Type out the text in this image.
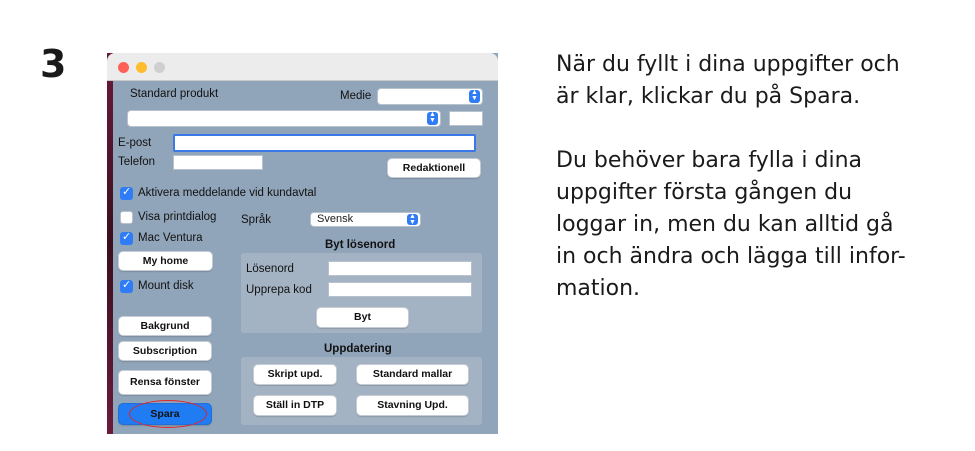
3
Standard produkt	Medie	▲
▼
▲
▼
E-post
Telefon	Redaktionell
✓
Aktivera meddelande vid kundavtal
Visa printdialog Språk	Svensk	▲
▼
✓
Mac Ventura
Byt lösenord
My home
Lösenord
Upprepa kod
Byt
✓
Mount disk
Bakgrund
Subscription
Rensa fönster
Spara
Uppdatering
Skript upd.	Standard mallar
Ställ in DTP	Stavning Upd.
När du fyllt i dina uppgifter och
är klar, klickar du på Spara.
Du behöver bara fylla i dina
uppgifter första gången du
loggar in, men du kan alltid gå
in och ändra och lägga till infor-
mation.
